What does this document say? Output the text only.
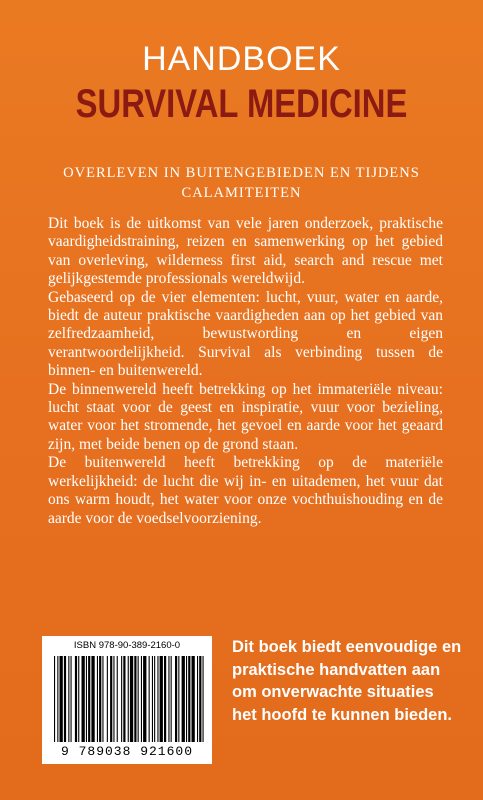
HANDBOEK
SURVIVAL MEDICINE
OVERLEVEN IN BUITENGEBIEDEN EN TIJDENS
CALAMITEITEN

Dit boek is de uitkomst van vele jaren onderzoek, praktische vaardigheidstraining, reizen en samenwerking op het gebied van overleving, wilderness first aid, search and rescue met gelijkgestemde professionals wereldwijd.

Gebaseerd op de vier elementen: lucht, vuur, water en aarde, biedt de auteur praktische vaardigheden aan op het gebied van zelfredzaamheid, bewustwording en eigen verantwoordelijkheid. Survival als verbinding tussen de binnen- en buitenwereld.

De binnenwereld heeft betrekking op het immateriële niveau: lucht staat voor de geest en inspiratie, vuur voor bezieling, water voor het stromende, het gevoel en aarde voor het geaard zijn, met beide benen op de grond staan.

De buitenwereld heeft betrekking op de materiële werkelijkheid: de lucht die wij in- en uitademen, het vuur dat ons warm houdt, het water voor onze vochthuishouding en de aarde voor de voedselvoorziening.

ISBN 978-90-389-2160-0
9 789038 921600
Dit boek biedt eenvoudige en praktische handvatten aan om onverwachte situaties het hoofd te kunnen bieden.
